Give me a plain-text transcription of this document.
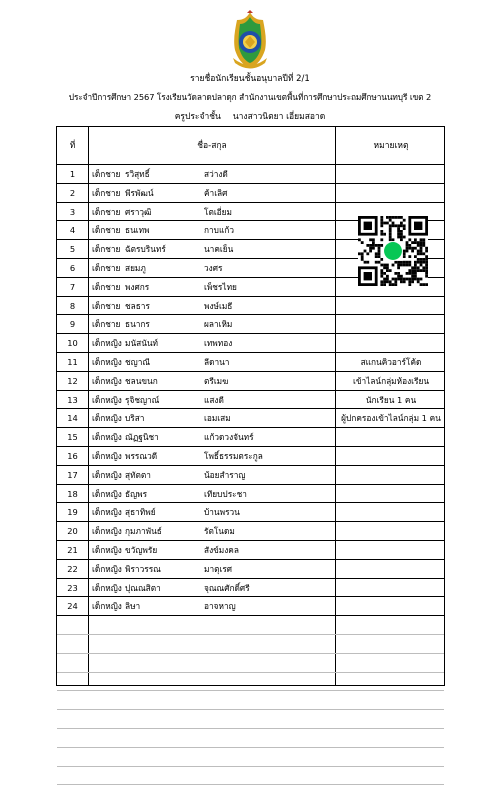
รายชื่อนักเรียนชั้นอนุบาลปีที่ 2/1
ประจำปีการศึกษา 2567 โรงเรียนวัดลาดปลาดุก สำนักงานเขตพื้นที่การศึกษาประถมศึกษานนทบุรี เขต 2
ครูประจำชั้น นางสาวนิตยา เอี่ยมสอาด
ที่	ชื่อ-สกุล	หมายเหตุ
1	เด็กชาย รวิสุทธิ์	สว่างดี
2	เด็กชาย พีรพัฒน์	ค้าเลิศ
3	เด็กชาย ศราวุฒิ	โตเอี่ยม
4	เด็กชาย ธนเทพ	กาบแก้ว
5	เด็กชาย ฉัตรบรินทร์	นาคเย็น
6	เด็กชาย สยมภู	วงศร
7	เด็กชาย พงศกร	เพ็ชรไทย
8	เด็กชาย ชลธาร	พงษ์เมธี
9	เด็กชาย ธนากร	ผลาเหิม
10	เด็กหญิง มนัสนันท์	เทพทอง
11	เด็กหญิง ชญาณี	ลีดานา	สแกนคิวอาร์โค้ด
12	เด็กหญิง ชลนขนก	ตรีเมฆ	เข้าไลน์กลุ่มห้องเรียน
13	เด็กหญิง รุจิชญาณ์	แสงดี	นักเรียน 1 คน
14	เด็กหญิง บริสา	เอมเสม	ผู้ปกครองเข้าไลน์กลุ่ม 1 คน
15	เด็กหญิง ณัฏฐนิชา	แก้วดวงจันทร์
16	เด็กหญิง พรรณวดี	โพธิ์ธรรมตระกูล
17	เด็กหญิง สุทัตตา	น้อยสำราญ
18	เด็กหญิง ธัญพร	เทียบประชา
19	เด็กหญิง สุธาทิพย์	บ้านพรวน
20	เด็กหญิง กุมภาพันธ์	รัตโนดม
21	เด็กหญิง ขวัญพรัย	สังข์มงคล
22	เด็กหญิง พิราวรรณ	มาตุเรศ
23	เด็กหญิง ปุณณสิตา	จุณณศักดิ์ศรี
24	เด็กหญิง ลิษา	อาจหาญ
